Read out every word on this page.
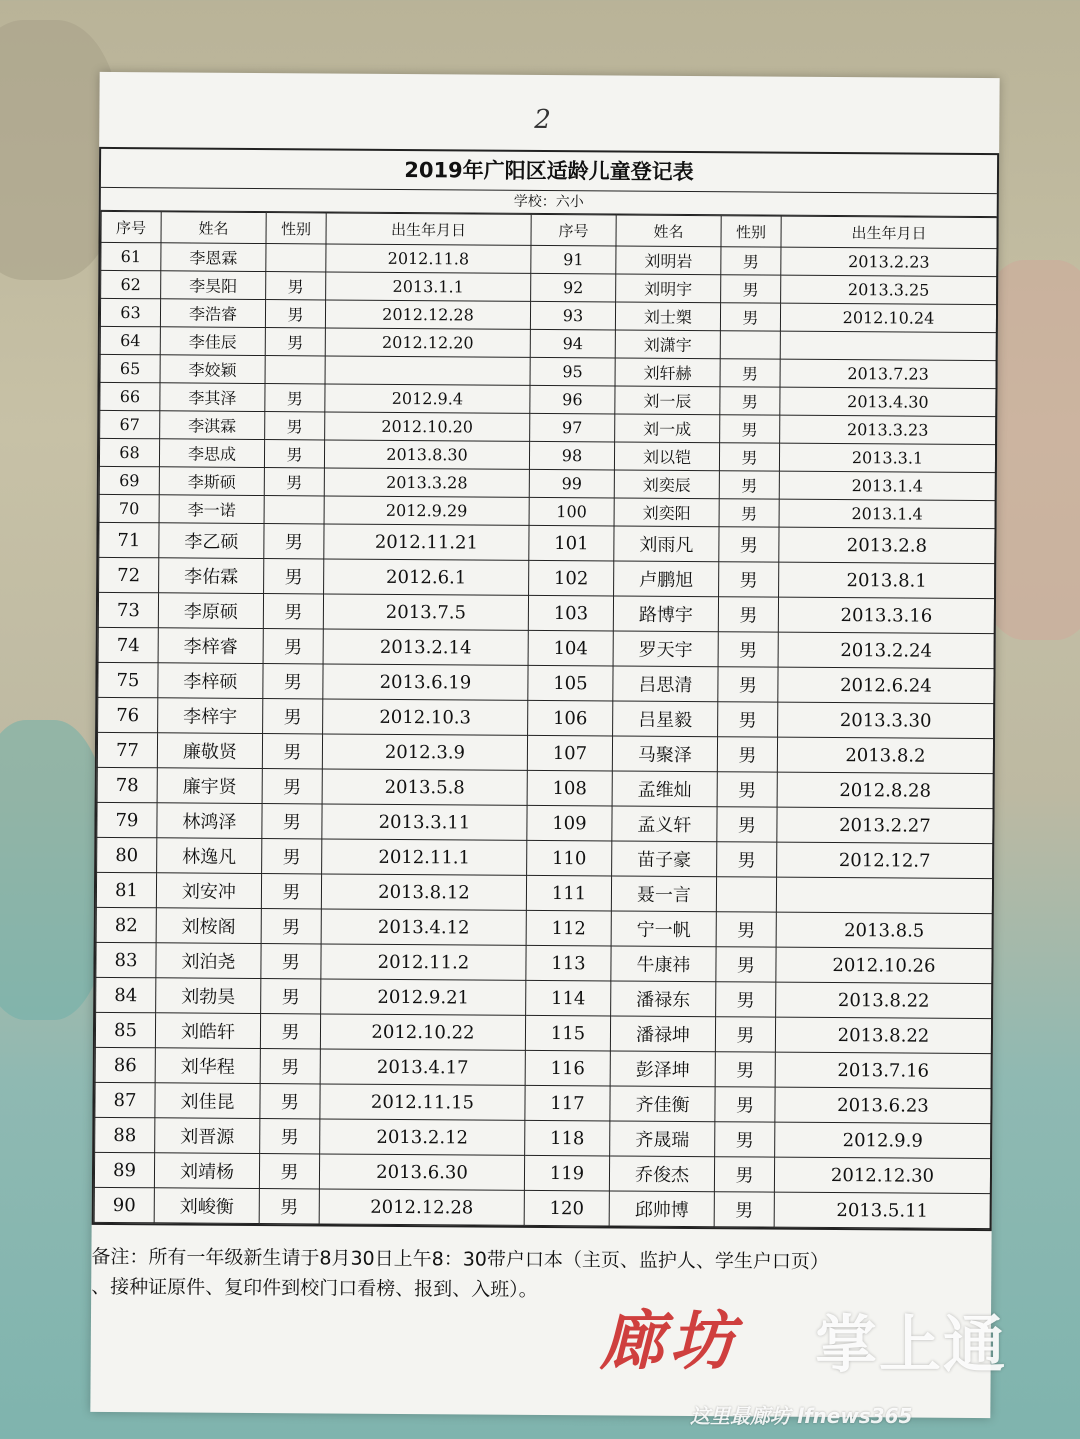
2
2019年广阳区适龄儿童登记表
学校：六小
序号	姓名	性别	出生年月日	序号	姓名	性别	出生年月日
61	李恩霖		2012.11.8	91	刘明岩	男	2013.2.23
62	李昊阳	男	2013.1.1	92	刘明宇	男	2013.3.25
63	李浩睿	男	2012.12.28	93	刘士槊	男	2012.10.24
64	李佳辰	男	2012.12.20	94	刘潇宇		
65	李姣颖			95	刘轩赫	男	2013.7.23
66	李其泽	男	2012.9.4	96	刘一辰	男	2013.4.30
67	李淇霖	男	2012.10.20	97	刘一成	男	2013.3.23
68	李思成	男	2013.8.30	98	刘以铠	男	2013.3.1
69	李斯硕	男	2013.3.28	99	刘奕辰	男	2013.1.4
70	李一诺		2012.9.29	100	刘奕阳	男	2013.1.4
71	李乙硕	男	2012.11.21	101	刘雨凡	男	2013.2.8
72	李佑霖	男	2012.6.1	102	卢鹏旭	男	2013.8.1
73	李原硕	男	2013.7.5	103	路博宇	男	2013.3.16
74	李梓睿	男	2013.2.14	104	罗天宇	男	2013.2.24
75	李梓硕	男	2013.6.19	105	吕思清	男	2012.6.24
76	李梓宇	男	2012.10.3	106	吕星毅	男	2013.3.30
77	廉敬贤	男	2012.3.9	107	马聚泽	男	2013.8.2
78	廉宇贤	男	2013.5.8	108	孟维灿	男	2012.8.28
79	林鸿泽	男	2013.3.11	109	孟义轩	男	2013.2.27
80	林逸凡	男	2012.11.1	110	苗子豪	男	2012.12.7
81	刘安冲	男	2013.8.12	111	聂一言		
82	刘桉阁	男	2013.4.12	112	宁一帆	男	2013.8.5
83	刘泊尧	男	2012.11.2	113	牛康祎	男	2012.10.26
84	刘勃昊	男	2012.9.21	114	潘禄东	男	2013.8.22
85	刘皓轩	男	2012.10.22	115	潘禄坤	男	2013.8.22
86	刘华程	男	2013.4.17	116	彭泽坤	男	2013.7.16
87	刘佳昆	男	2012.11.15	117	齐佳衡	男	2013.6.23
88	刘晋源	男	2013.2.12	118	齐晟瑞	男	2012.9.9
89	刘靖杨	男	2013.6.30	119	乔俊杰	男	2012.12.30
90	刘峻衡	男	2012.12.28	120	邱帅博	男	2013.5.11
备注：所有一年级新生请于8月30日上午8：30带户口本（主页、监护人、学生户口页）
、接种证原件、复印件到校门口看榜、报到、入班）。
廊坊 掌上通
这里最廊坊 lfnews365
